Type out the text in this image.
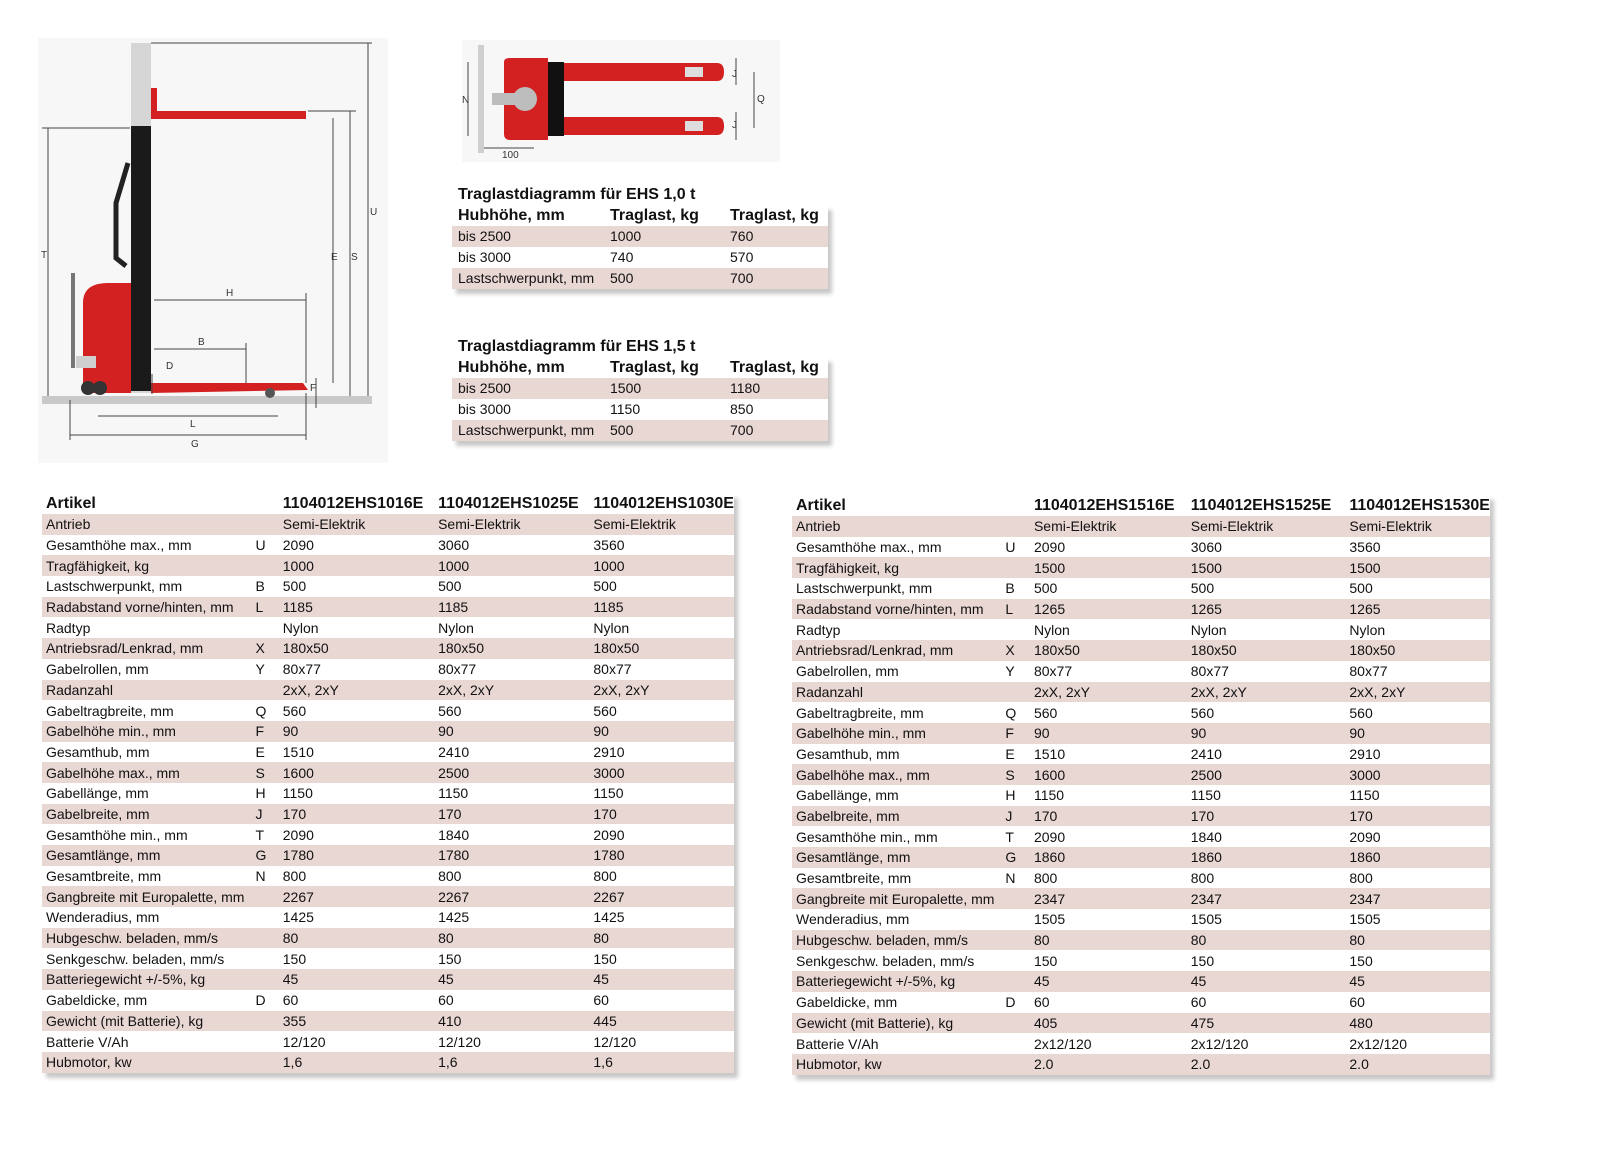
T
U
E S
H
B
D
F
L
G
N
J
Q
J
100
Traglastdiagramm für EHS 1,0 t
Hubhöhe, mm	Traglast, kg	Traglast, kg
bis 2500	1000	760
bis 3000	740	570
Lastschwerpunkt, mm	500	700
Traglastdiagramm für EHS 1,5 t
Hubhöhe, mm	Traglast, kg	Traglast, kg
bis 2500	1500	1180
bis 3000	1150	850
Lastschwerpunkt, mm	500	700
Artikel		1104012EHS1016E	1104012EHS1025E	1104012EHS1030E
Antrieb		Semi-Elektrik	Semi-Elektrik	Semi-Elektrik
Gesamthöhe max., mm	U	2090	3060	3560
Tragfähigkeit, kg		1000	1000	1000
Lastschwerpunkt, mm	B	500	500	500
Radabstand vorne/hinten, mm	L	1185	1185	1185
Radtyp		Nylon	Nylon	Nylon
Antriebsrad/Lenkrad, mm	X	180x50	180x50	180x50
Gabelrollen, mm	Y	80x77	80x77	80x77
Radanzahl		2xX, 2xY	2xX, 2xY	2xX, 2xY
Gabeltragbreite, mm	Q	560	560	560
Gabelhöhe min., mm	F	90	90	90
Gesamthub, mm	E	1510	2410	2910
Gabelhöhe max., mm	S	1600	2500	3000
Gabellänge, mm	H	1150	1150	1150
Gabelbreite, mm	J	170	170	170
Gesamthöhe min., mm	T	2090	1840	2090
Gesamtlänge, mm	G	1780	1780	1780
Gesamtbreite, mm	N	800	800	800
Gangbreite mit Europalette, mm		2267	2267	2267
Wenderadius, mm		1425	1425	1425
Hubgeschw. beladen, mm/s		80	80	80
Senkgeschw. beladen, mm/s		150	150	150
Batteriegewicht +/-5%, kg		45	45	45
Gabeldicke, mm	D	60	60	60
Gewicht (mit Batterie), kg		355	410	445
Batterie V/Ah		12/120	12/120	12/120
Hubmotor, kw		1,6	1,6	1,6
Artikel		1104012EHS1516E	1104012EHS1525E	1104012EHS1530E
Antrieb		Semi-Elektrik	Semi-Elektrik	Semi-Elektrik
Gesamthöhe max., mm	U	2090	3060	3560
Tragfähigkeit, kg		1500	1500	1500
Lastschwerpunkt, mm	B	500	500	500
Radabstand vorne/hinten, mm	L	1265	1265	1265
Radtyp		Nylon	Nylon	Nylon
Antriebsrad/Lenkrad, mm	X	180x50	180x50	180x50
Gabelrollen, mm	Y	80x77	80x77	80x77
Radanzahl		2xX, 2xY	2xX, 2xY	2xX, 2xY
Gabeltragbreite, mm	Q	560	560	560
Gabelhöhe min., mm	F	90	90	90
Gesamthub, mm	E	1510	2410	2910
Gabelhöhe max., mm	S	1600	2500	3000
Gabellänge, mm	H	1150	1150	1150
Gabelbreite, mm	J	170	170	170
Gesamthöhe min., mm	T	2090	1840	2090
Gesamtlänge, mm	G	1860	1860	1860
Gesamtbreite, mm	N	800	800	800
Gangbreite mit Europalette, mm		2347	2347	2347
Wenderadius, mm		1505	1505	1505
Hubgeschw. beladen, mm/s		80	80	80
Senkgeschw. beladen, mm/s		150	150	150
Batteriegewicht +/-5%, kg		45	45	45
Gabeldicke, mm	D	60	60	60
Gewicht (mit Batterie), kg		405	475	480
Batterie V/Ah		2x12/120	2x12/120	2x12/120
Hubmotor, kw		2.0	2.0	2.0
